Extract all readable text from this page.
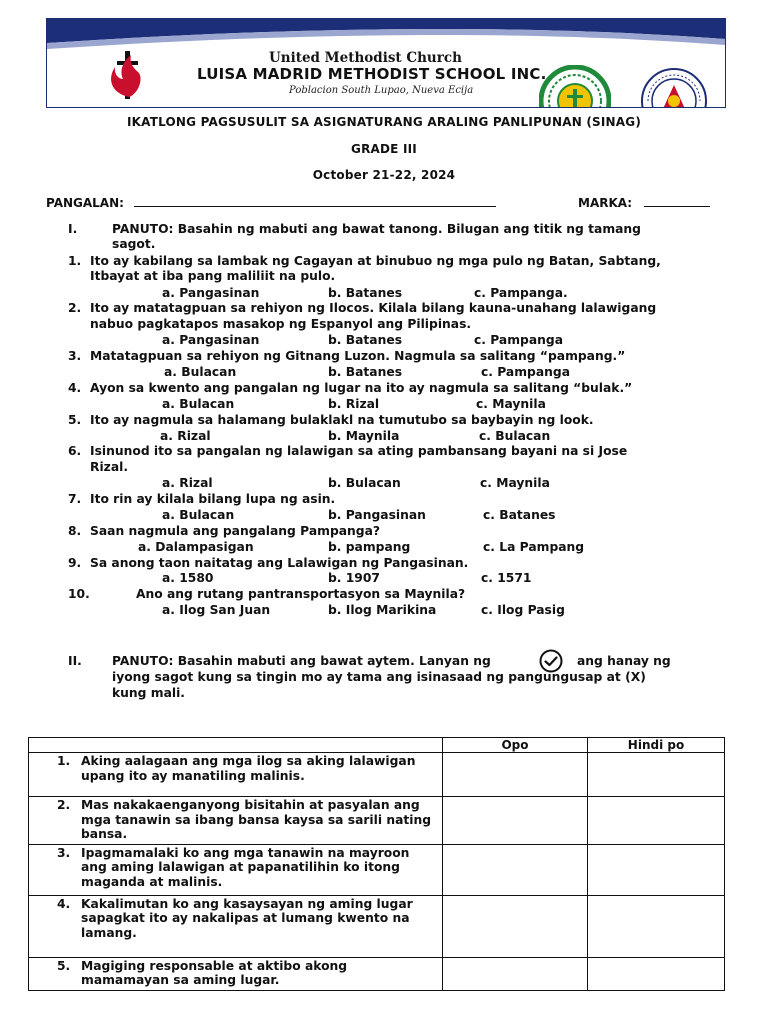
United Methodist Church
LUISA MADRID METHODIST SCHOOL INC.
Poblacion South Lupao, Nueva Ecija
IKATLONG PAGSUSULIT SA ASIGNATURANG ARALING PANLIPUNAN (SINAG)
GRADE III
October 21-22, 2024
PANGALAN:	MARKA:
I.	PANUTO: Basahin ng mabuti ang bawat tanong. Bilugan ang titik ng tamang
sagot.
1. Ito ay kabilang sa lambak ng Cagayan at binubuo ng mga pulo ng Batan, Sabtang,
Itbayat at iba pang maliliit na pulo.
a. Pangasinan	b. Batanes	c. Pampanga.
2. Ito ay matatagpuan sa rehiyon ng Ilocos. Kilala bilang kauna-unahang lalawigang
nabuo pagkatapos masakop ng Espanyol ang Pilipinas.
a. Pangasinan	b. Batanes	c. Pampanga
3. Matatagpuan sa rehiyon ng Gitnang Luzon. Nagmula sa salitang “pampang.”
a. Bulacan	b. Batanes	c. Pampanga
4. Ayon sa kwento ang pangalan ng lugar na ito ay nagmula sa salitang “bulak.”
a. Bulacan	b. Rizal	c. Maynila
5. Ito ay nagmula sa halamang bulaklakl na tumutubo sa baybayin ng look.
a. Rizal	b. Maynila	c. Bulacan
6. Isinunod ito sa pangalan ng lalawigan sa ating pambansang bayani na si Jose
Rizal.
a. Rizal	b. Bulacan	c. Maynila
7. Ito rin ay kilala bilang lupa ng asin.
a. Bulacan	b. Pangasinan	c. Batanes
8. Saan nagmula ang pangalang Pampanga?
a. Dalampasigan	b. pampang	c. La Pampang
9. Sa anong taon naitatag ang Lalawigan ng Pangasinan.
a. 1580	b. 1907	c. 1571
10.	Ano ang rutang pantransportasyon sa Maynila?
a. Ilog San Juan	b. Ilog Marikina	c. Ilog Pasig
II. PANUTO: Basahin mabuti ang bawat aytem. Lanyan ng	ang hanay ng
iyong sagot kung sa tingin mo ay tama ang isinasaad ng pangungusap at (X)
kung mali.
	Opo	Hindi po

1. Aking aalagaan ang mga ilog sa aking lalawigan upang ito ay manatiling malinis.		

2. Mas nakakaenganyong bisitahin at pasyalan ang mga tanawin sa ibang bansa kaysa sa sarili nating bansa.		

3. Ipagmamalaki ko ang mga tanawin na mayroon ang aming lalawigan at papanatilihin ko itong maganda at malinis.		

4. Kakalimutan ko ang kasaysayan ng aming lugar sapagkat ito ay nakalipas at lumang kwento na lamang.		

5. Magiging responsable at aktibo akong mamamayan sa aming lugar.		
